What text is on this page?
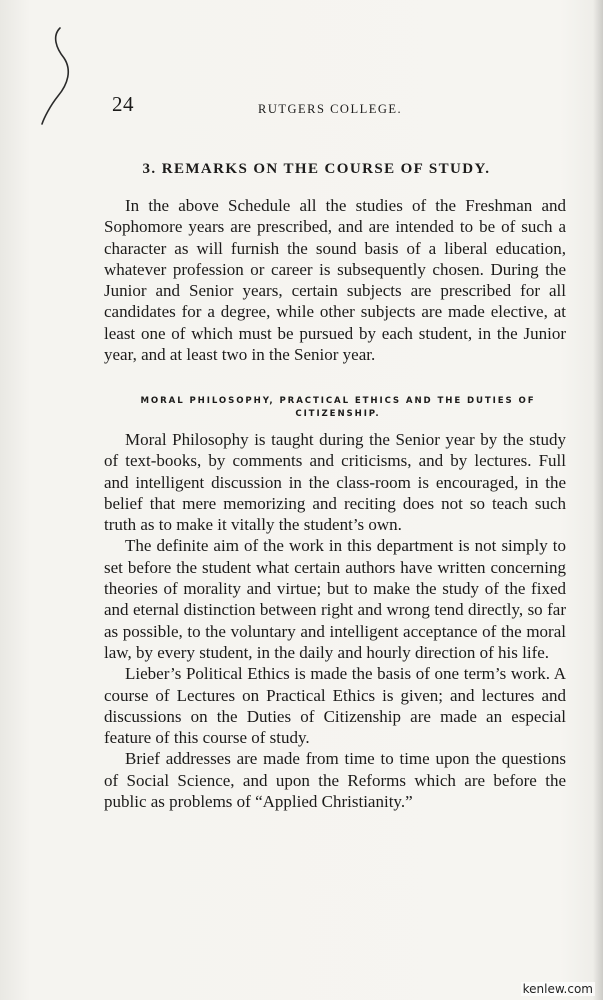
24	RUTGERS COLLEGE.
3. REMARKS ON THE COURSE OF STUDY.

In the above Schedule all the studies of the Freshman and Sophomore years are prescribed, and are intended to be of such a character as will furnish the sound basis of a liberal education, whatever profession or career is subsequently chosen. During the Junior and Senior years, certain subjects are prescribed for all candidates for a degree, while other subjects are made elective, at least one of which must be pursued by each student, in the Junior year, and at least two in the Senior year.

MORAL PHILOSOPHY, PRACTICAL ETHICS AND THE DUTIES OF CITIZENSHIP.

Moral Philosophy is taught during the Senior year by the study of text-books, by comments and criticisms, and by lectures. Full and intelligent discussion in the class-room is encouraged, in the belief that mere memorizing and reciting does not so teach such truth as to make it vitally the student’s own.

The definite aim of the work in this department is not simply to set before the student what certain authors have written concerning theories of morality and virtue; but to make the study of the fixed and eternal distinction between right and wrong tend directly, so far as possible, to the voluntary and intelligent acceptance of the moral law, by every student, in the daily and hourly direction of his life.

Lieber’s Political Ethics is made the basis of one term’s work. A course of Lectures on Practical Ethics is given; and lectures and discussions on the Duties of Citizenship are made an especial feature of this course of study.

Brief addresses are made from time to time upon the questions of Social Science, and upon the Reforms which are before the public as problems of “Applied Christianity.”

kenlew.com
